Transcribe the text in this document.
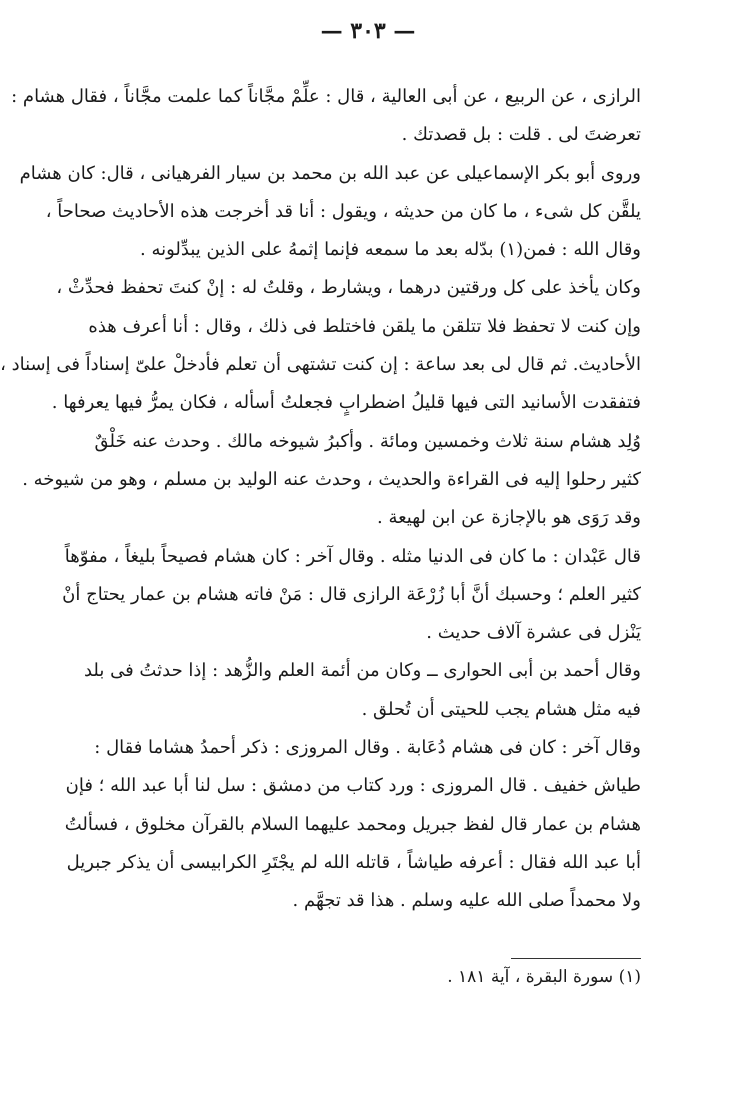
— ٣٠٣ —
الرازى ، عن الربيع ، عن أبى العالية ، قال : علِّمْ مجَّاناً كما علمت مجَّاناً ، فقال هشام :
تعرضتَ لى . قلت : بل قصدتك .
وروى أبو بكر الإسماعيلى عن عبد الله بن محمد بن سيار الفرهيانى ، قال: كان هشام
يلقَّن كل شىء ، ما كان من حديثه ، ويقول : أنا قد أخرجت هذه الأحاديث صحاحاً ،
وقال الله : فمن(١) بدّله بعد ما سمعه فإنما إثمهُ على الذين يبدِّلونه .
وكان يأخذ على كل ورقتين درهما ، ويشارط ، وقلتُ له : إنْ كنتَ تحفظ فحدِّثْ ،
وإن كنت لا تحفظ فلا تتلقن ما يلقن فاختلط فى ذلك ، وقال : أنا أعرف هذه
الأحاديث. ثم قال لى بعد ساعة : إن كنت تشتهى أن تعلم فأدخلْ علىّ إسناداً فى إسناد ،
فتفقدت الأسانيد التى فيها قليلُ اضطرابٍ فجعلتُ أسأله ، فكان يمرُّ فيها يعرفها .
وُلِد هشام سنة ثلاث وخمسين ومائة . وأكبرُ شيوخه مالك . وحدث عنه خَلْقٌ
كثير رحلوا إليه فى القراءة والحديث ، وحدث عنه الوليد بن مسلم ، وهو من شيوخه .
وقد رَوَى هو بالإجازة عن ابن لهيعة .
قال عَبْدان : ما كان فى الدنيا مثله . وقال آخر : كان هشام فصيحاً بليغاً ، مفوّهاً
كثير العلم ؛ وحسبك أنَّ أبا زُرْعَة الرازى قال : مَنْ فاته هشام بن عمار يحتاج أنْ
يَنْزل فى عشرة آلاف حديث .
وقال أحمد بن أبى الحوارى ــ وكان من أئمة العلم والزُّهد : إذا حدثتُ فى بلد
فيه مثل هشام يجب للحيتى أن تُحلق .
وقال آخر : كان فى هشام دُعَابة . وقال المروزى : ذكر أحمدُ هشاما فقال :
طياش خفيف . قال المروزى : ورد كتاب من دمشق : سل لنا أبا عبد الله ؛ فإن
هشام بن عمار قال لفظ جبريل ومحمد عليهما السلام بالقرآن مخلوق ، فسألتُ
أبا عبد الله فقال : أعرفه طياشاً ، قاتله الله لم يجْتَرِ الكرابيسى أن يذكر جبريل
ولا محمداً صلى الله عليه وسلم . هذا قد تجهَّم .
(١) سورة البقرة ، آية ١٨١ .
